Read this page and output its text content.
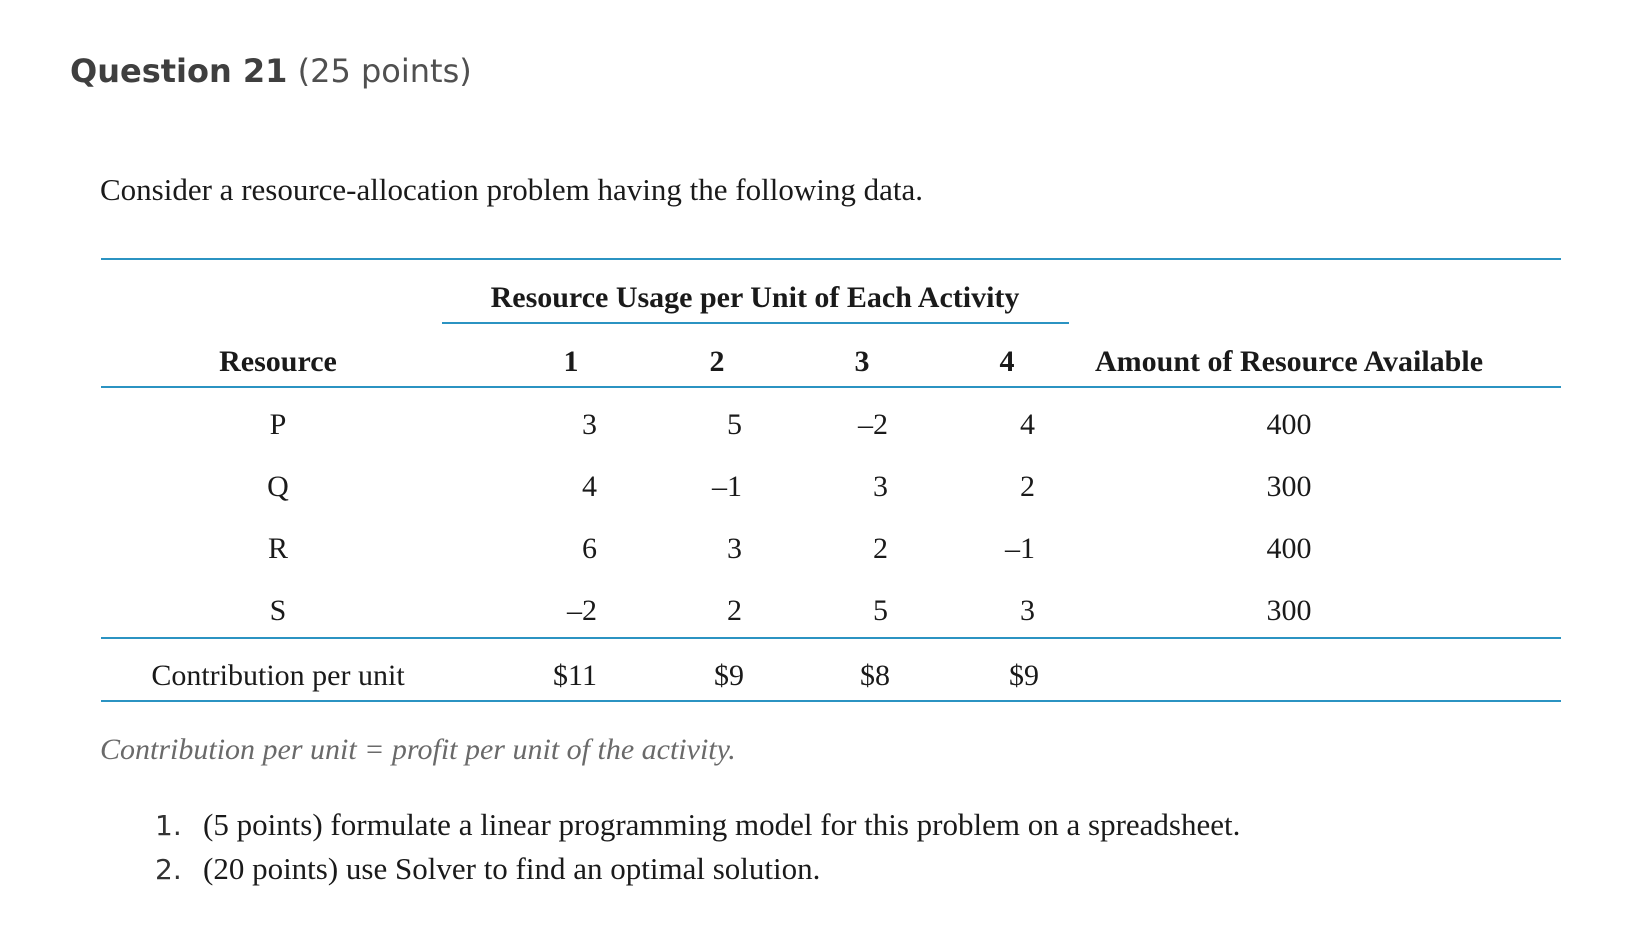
Question 21 (25 points)
Consider a resource-allocation problem having the following data.
Resource Usage per Unit of Each Activity
Resource	1	2	3	4	Amount of Resource Available
P	3	5	–2	4	400
Q	4	–1	3	2	300
R	6	3	2	–1	400
S	–2	2	5	3	300
Contribution per unit	$11	$9	$8	$9
Contribution per unit = profit per unit of the activity.
1. (5 points) formulate a linear programming model for this problem on a spreadsheet.
2. (20 points) use Solver to find an optimal solution.
